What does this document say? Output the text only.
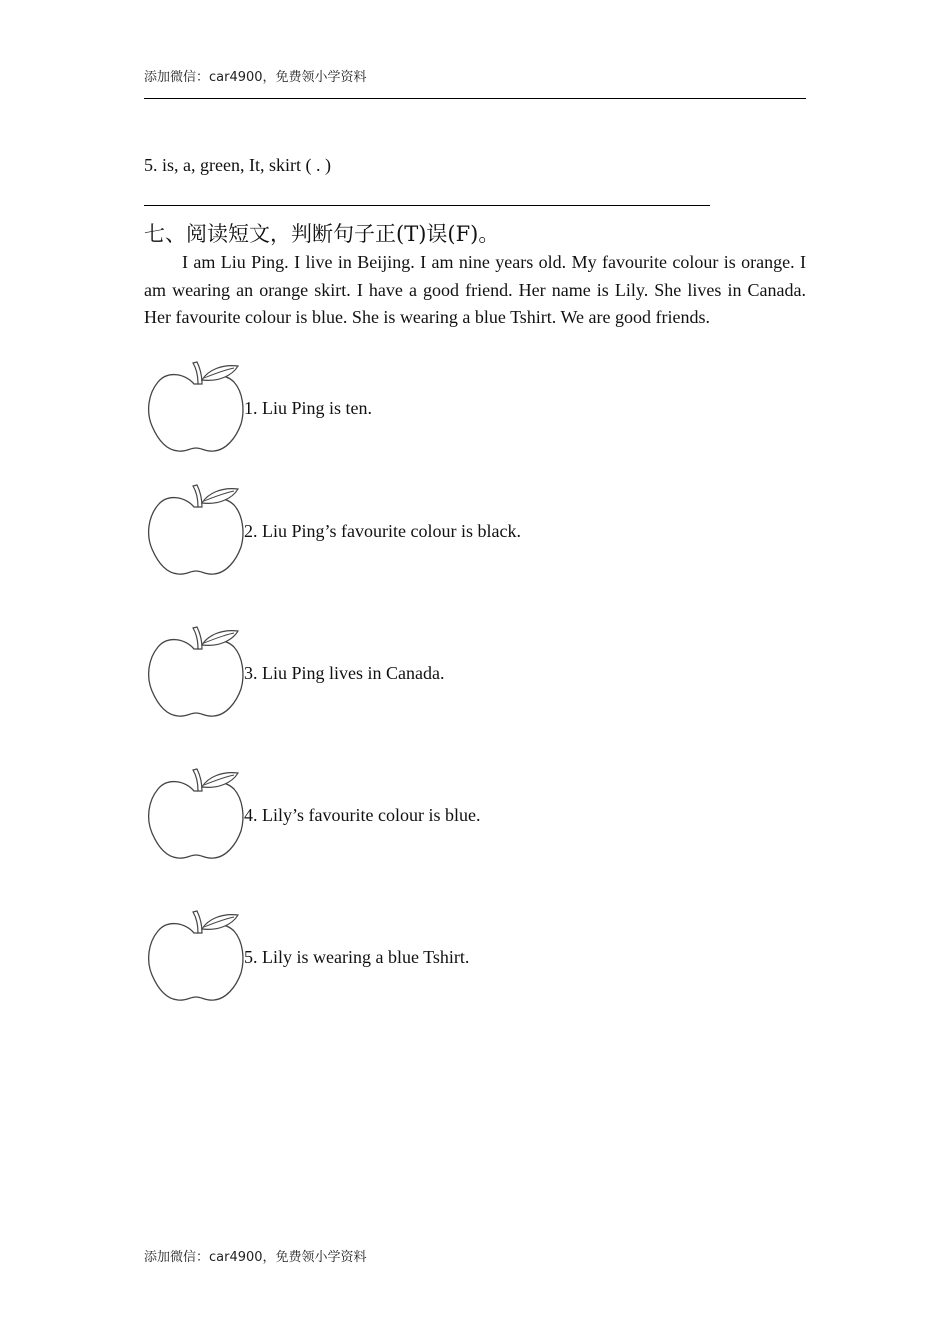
添加微信：car4900，免费领小学资料
5. is, a, green, It, skirt ( . )
七、阅读短文，判断句子正(T)误(F)。
I am Liu Ping. I live in Beijing. I am nine years old. My favourite colour is orange. I am wearing an orange skirt. I have a good friend. Her name is Lily. She lives in Canada. Her favourite colour is blue. She is wearing a blue Tshirt. We are good friends.
1. Liu Ping is ten.
2. Liu Ping’s favourite colour is black.
3. Liu Ping lives in Canada.
4. Lily’s favourite colour is blue.
5. Lily is wearing a blue Tshirt.
添加微信：car4900，免费领小学资料
